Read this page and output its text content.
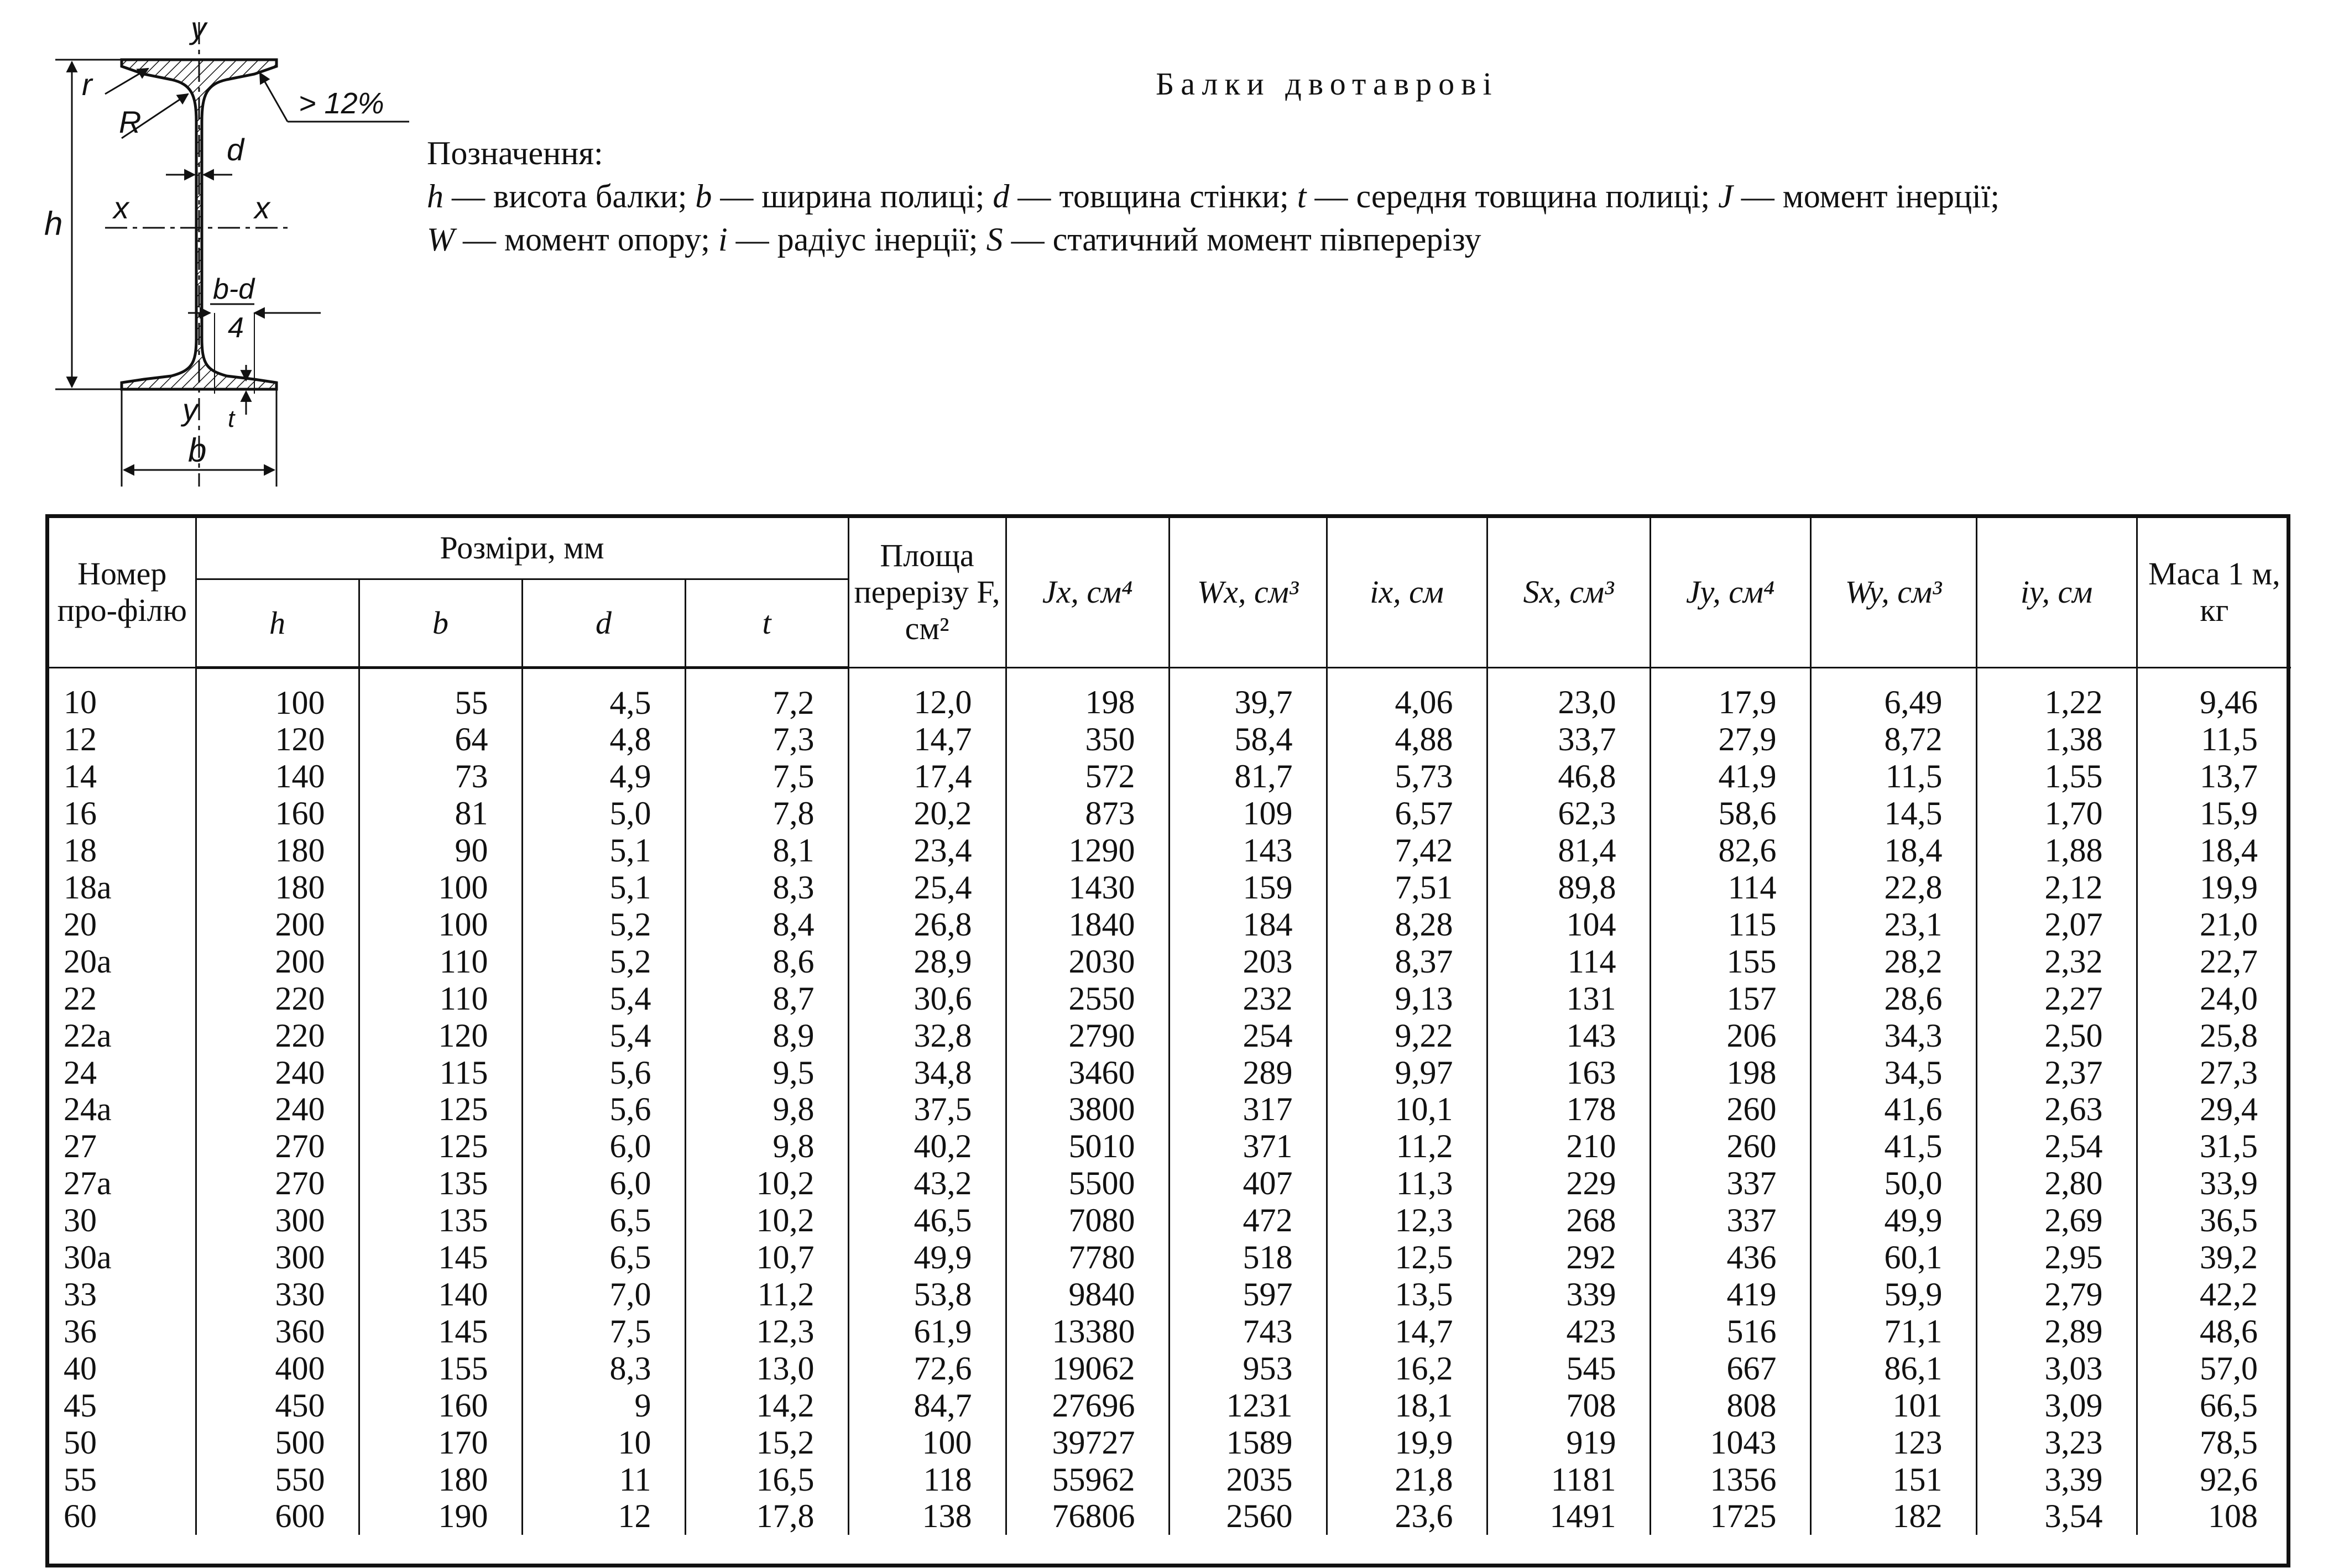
y
y
x	x
h
b
d
r
R
t
> 12%
b-d
4
Балки двотаврові
Позначення:
h — висота балки; b — ширина полиці; d — товщина стінки; t — середня товщина полиці; J — момент інерції;
W — момент опору; i — радіус інерції; S — статичний момент півперерізу
Номер про-філю	Розміри, мм				Площа перерізу F, см²	Jx, см⁴	Wx, см³	ix, см	Sx, см³	Jy, см⁴	Wy, см³	iy, см	Маса 1 м, кг
	h	b	d	t									
10	100	55	4,5	7,2	12,0	198	39,7	4,06	23,0	17,9	6,49	1,22	9,46
12	120	64	4,8	7,3	14,7	350	58,4	4,88	33,7	27,9	8,72	1,38	11,5
14	140	73	4,9	7,5	17,4	572	81,7	5,73	46,8	41,9	11,5	1,55	13,7
16	160	81	5,0	7,8	20,2	873	109	6,57	62,3	58,6	14,5	1,70	15,9
18	180	90	5,1	8,1	23,4	1290	143	7,42	81,4	82,6	18,4	1,88	18,4
18a	180	100	5,1	8,3	25,4	1430	159	7,51	89,8	114	22,8	2,12	19,9
20	200	100	5,2	8,4	26,8	1840	184	8,28	104	115	23,1	2,07	21,0
20a	200	110	5,2	8,6	28,9	2030	203	8,37	114	155	28,2	2,32	22,7
22	220	110	5,4	8,7	30,6	2550	232	9,13	131	157	28,6	2,27	24,0
22a	220	120	5,4	8,9	32,8	2790	254	9,22	143	206	34,3	2,50	25,8
24	240	115	5,6	9,5	34,8	3460	289	9,97	163	198	34,5	2,37	27,3
24a	240	125	5,6	9,8	37,5	3800	317	10,1	178	260	41,6	2,63	29,4
27	270	125	6,0	9,8	40,2	5010	371	11,2	210	260	41,5	2,54	31,5
27a	270	135	6,0	10,2	43,2	5500	407	11,3	229	337	50,0	2,80	33,9
30	300	135	6,5	10,2	46,5	7080	472	12,3	268	337	49,9	2,69	36,5
30a	300	145	6,5	10,7	49,9	7780	518	12,5	292	436	60,1	2,95	39,2
33	330	140	7,0	11,2	53,8	9840	597	13,5	339	419	59,9	2,79	42,2
36	360	145	7,5	12,3	61,9	13380	743	14,7	423	516	71,1	2,89	48,6
40	400	155	8,3	13,0	72,6	19062	953	16,2	545	667	86,1	3,03	57,0
45	450	160	9	14,2	84,7	27696	1231	18,1	708	808	101	3,09	66,5
50	500	170	10	15,2	100	39727	1589	19,9	919	1043	123	3,23	78,5
55	550	180	11	16,5	118	55962	2035	21,8	1181	1356	151	3,39	92,6
60	600	190	12	17,8	138	76806	2560	23,6	1491	1725	182	3,54	108
